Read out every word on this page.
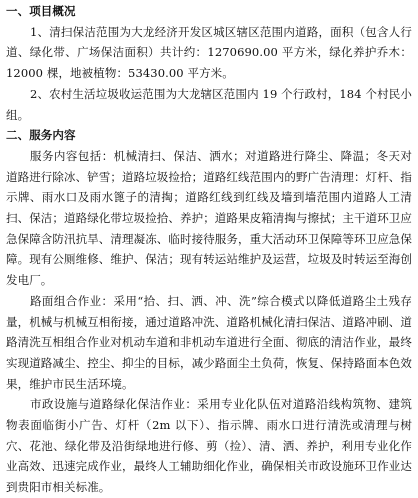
一、项目概况

1、清扫保洁范围为大龙经济开发区城区辖区范围内道路，面积（包含人行道、绿化带、广场保洁面积）共计约：1270690.00 平方米，绿化养护乔木：12000 棵，地被植物：53430.00 平方米。

2、农村生活垃圾收运范围为大龙辖区范围内 19 个行政村，184 个村民小组。

二、服务内容

服务内容包括：机械清扫、保洁、洒水；对道路进行降尘、降温；冬天对道路进行除冰、铲雪；道路垃圾捡拾；道路红线范围内的野广告清理：灯杆、指示牌、雨水口及雨水篦子的清掏；道路红线到红线及墙到墙范围内道路人工清扫、保洁；道路绿化带垃圾捡拾、养护；道路果皮箱清掏与擦拭；主干道环卫应急保障含防汛抗旱、清理凝冻、临时接待服务，重大活动环卫保障等环卫应急保障。现有公厕维修、维护、保洁；现有转运站维护及运营，垃圾及时转运至海创发电厂。

路面组合作业：采用“拾、扫、洒、冲、洗”综合模式以降低道路尘土残存量，机械与机械互相衔接，通过道路冲洗、道路机械化清扫保洁、道路冲刷、道路清洗互相组合作业对机动车道和非机动车道进行全面、彻底的清洁作业，最终实现道路减尘、控尘、抑尘的目标，减少路面尘土负荷，恢复、保持路面本色效果，维护市民生活环境。

市政设施与道路绿化保洁作业：采用专业化队伍对道路沿线构筑物、建筑物表面临街小广告、灯杆（2m 以下）、指示牌、雨水口进行清洗或清理与树穴、花池、绿化带及沿街绿地进行修、剪（捡）、清、洒、养护，利用专业化作业高效、迅速完成作业，最终人工辅助细化作业，确保相关市政设施环卫作业达到贵阳市相关标准。
